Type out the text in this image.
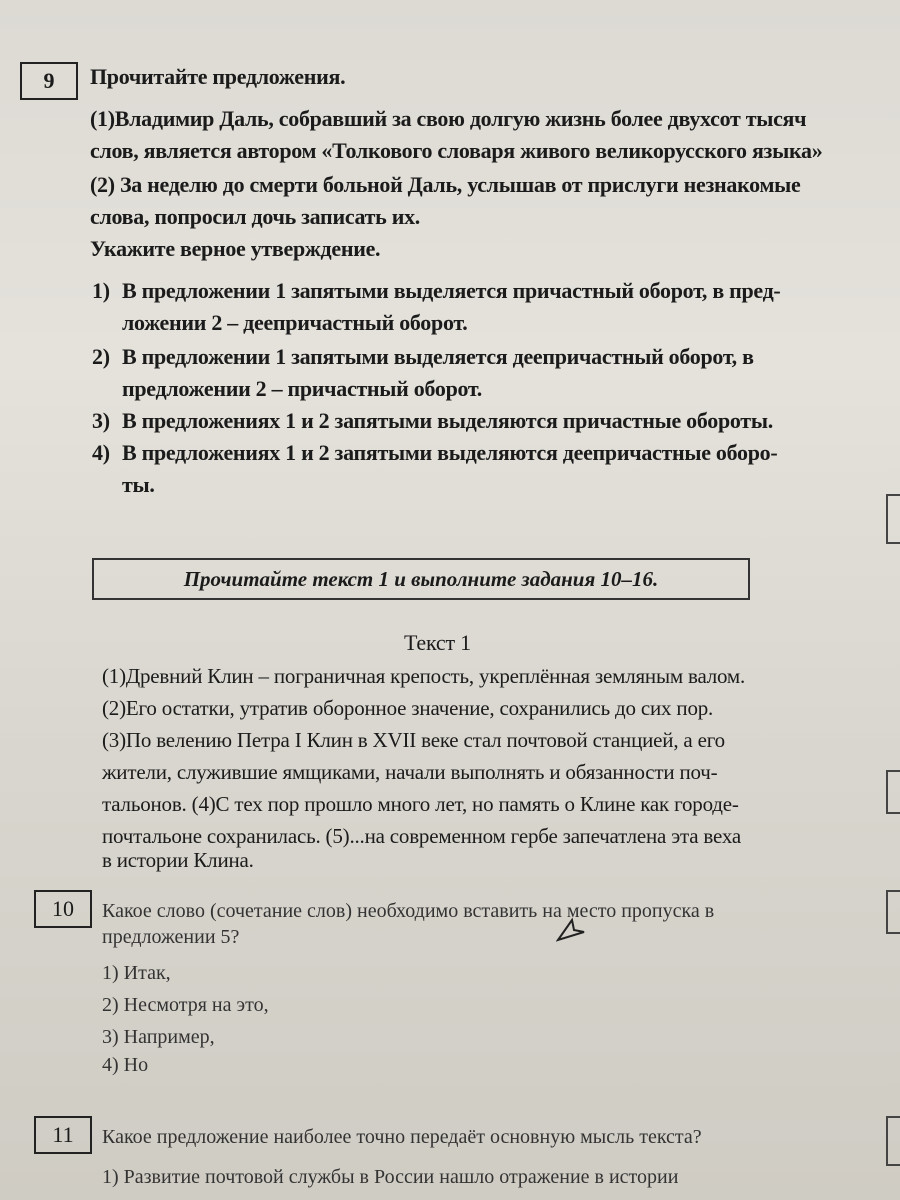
9 Прочитайте предложения.
(1)Владимир Даль, собравший за свою долгую жизнь более двухсот тысяч
слов, является автором «Толкового словаря живого великорусского языка»
(2) За неделю до смерти больной Даль, услышав от прислуги незнакомые
слова, попросил дочь записать их.
Укажите верное утверждение.
1) В предложении 1 запятыми выделяется причастный оборот, в пред-
ложении 2 – деепричастный оборот.
2) В предложении 1 запятыми выделяется деепричастный оборот, в
предложении 2 – причастный оборот.
3) В предложениях 1 и 2 запятыми выделяются причастные обороты.
4) В предложениях 1 и 2 запятыми выделяются деепричастные оборо-
ты.
Прочитайте текст 1 и выполните задания 10–16.
Текст 1
(1)Древний Клин – пограничная крепость, укреплённая земляным валом.
(2)Его остатки, утратив оборонное значение, сохранились до сих пор.
(3)По велению Петра I Клин в XVII веке стал почтовой станцией, а его
жители, служившие ямщиками, начали выполнять и обязанности поч-
тальонов. (4)С тех пор прошло много лет, но память о Клине как городе-
почтальоне сохранилась. (5)...на современном гербе запечатлена эта веха
в истории Клина.
10 Какое слово (сочетание слов) необходимо вставить на место пропуска в
предложении 5?
1) Итак,
2) Несмотря на это,
3) Например,
4) Но
11 Какое предложение наиболее точно передаёт основную мысль текста?
1) Развитие почтовой службы в России нашло отражение в истории
